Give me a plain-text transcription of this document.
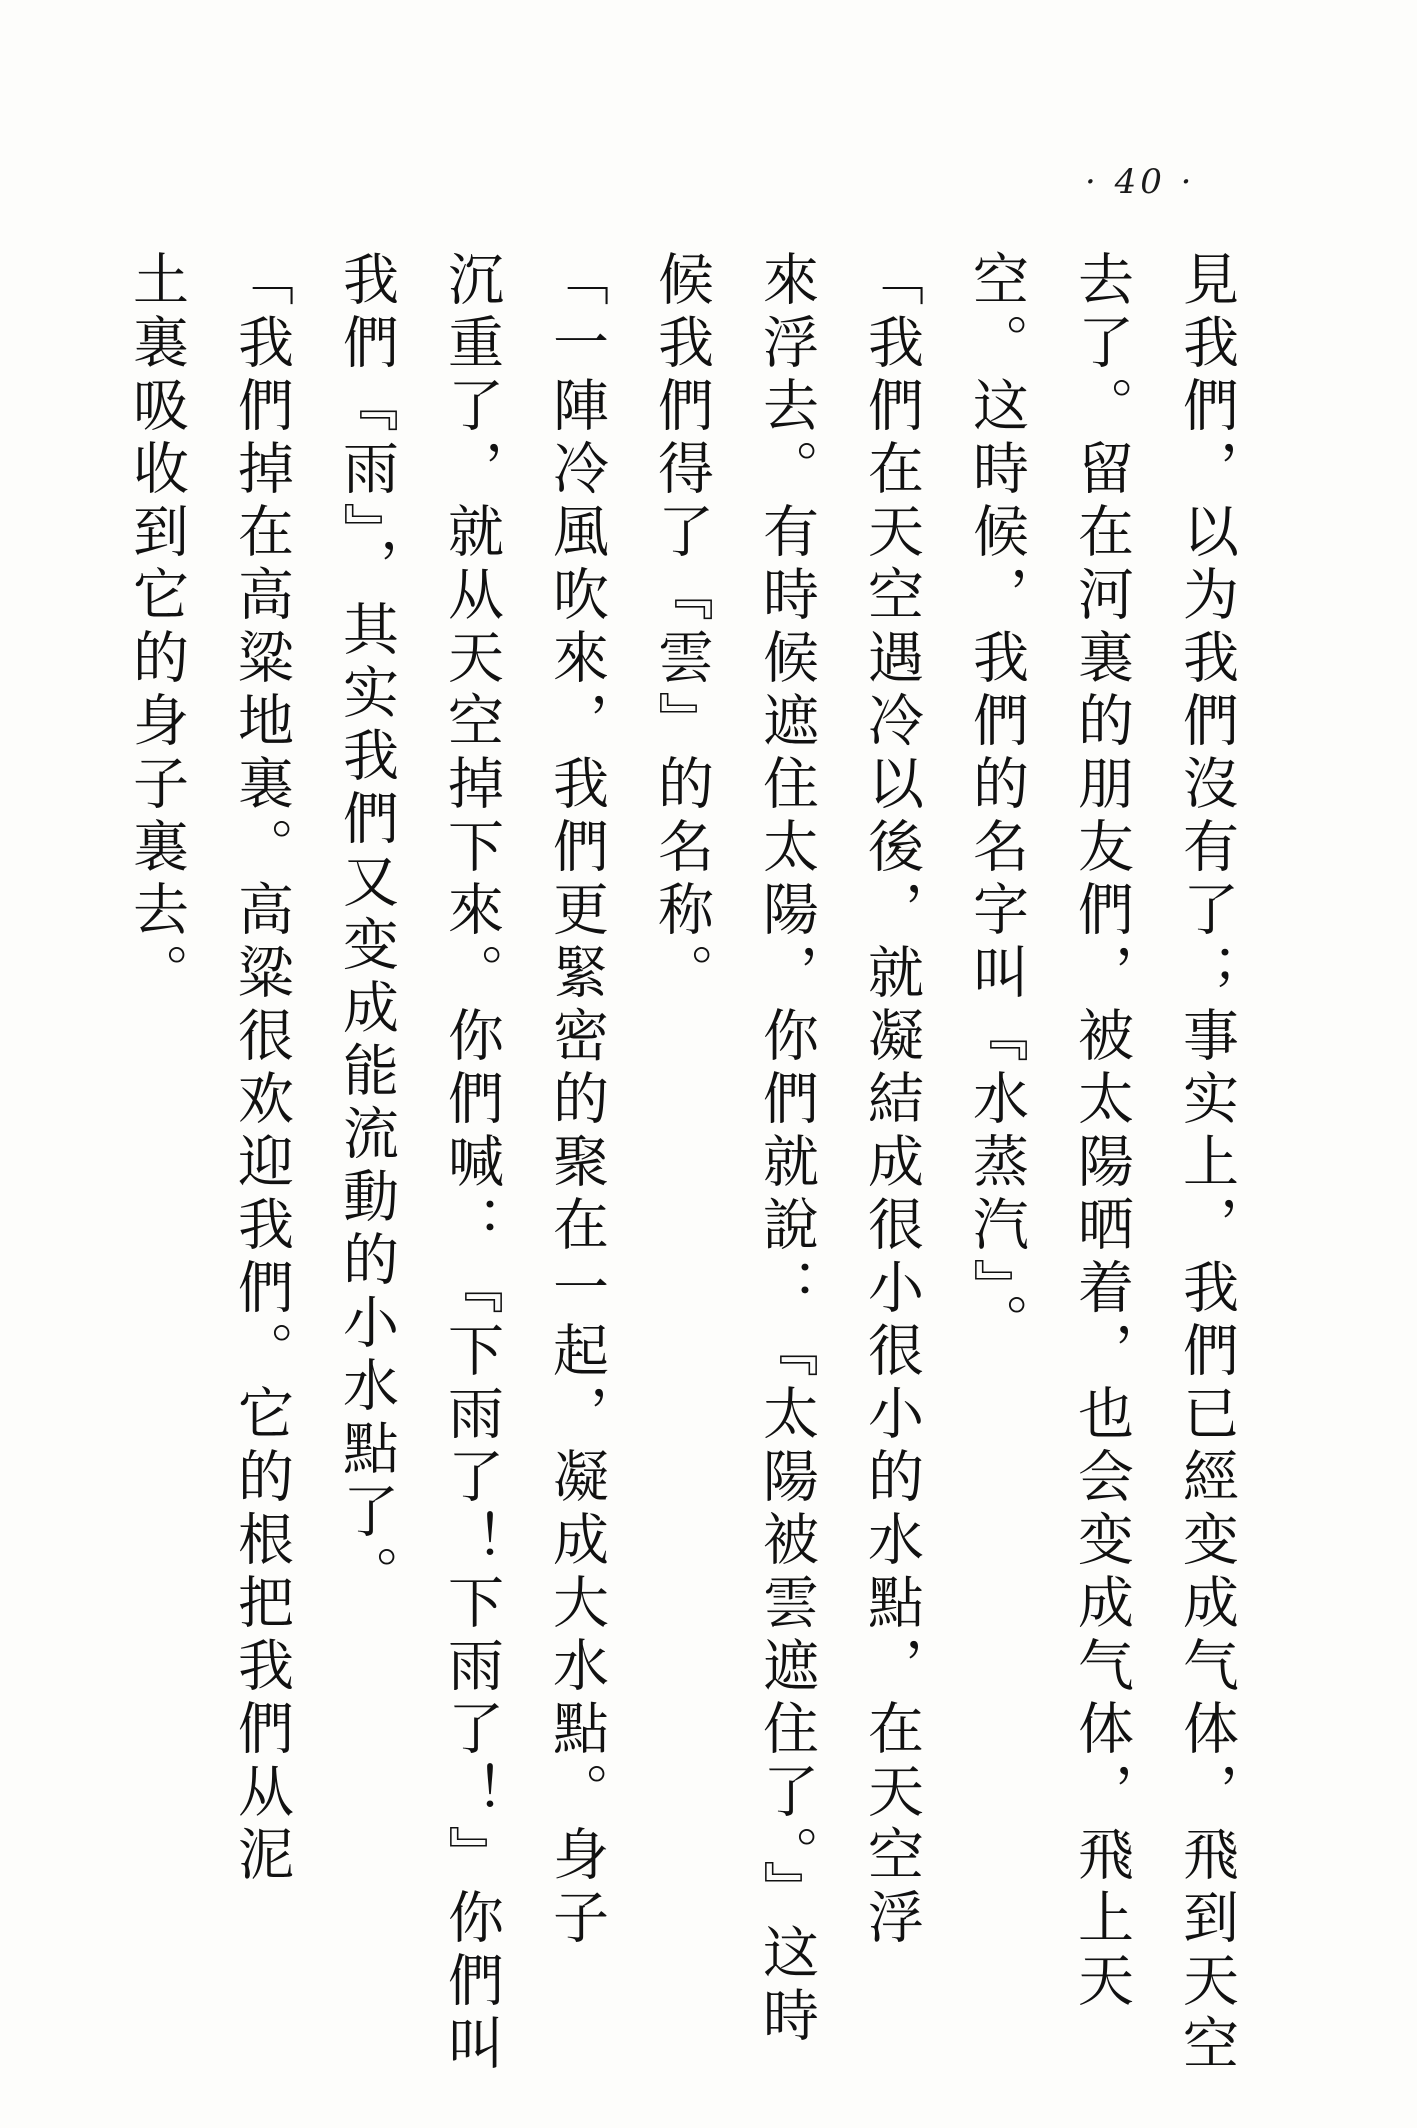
· 40 ·
見我們，以为我們沒有了；事实上，我們已經变成气体，飛到天空
去了。留在河裏的朋友們，被太陽晒着，也会变成气体，飛上天
空。这時候，我們的名字叫『水蒸汽』。
「我們在天空遇冷以後，就凝結成很小很小的水點，在天空浮
來浮去。有時候遮住太陽，你們就說：『太陽被雲遮住了。』这時
候我們得了『雲』的名称。
「一陣冷風吹來，我們更緊密的聚在一起，凝成大水點。身子
沉重了，就从天空掉下來。你們喊：『下雨了！下雨了！』你們叫
我們『雨』，其实我們又变成能流動的小水點了。
「我們掉在高粱地裏。高粱很欢迎我們。它的根把我們从泥
土裏吸收到它的身子裏去。
